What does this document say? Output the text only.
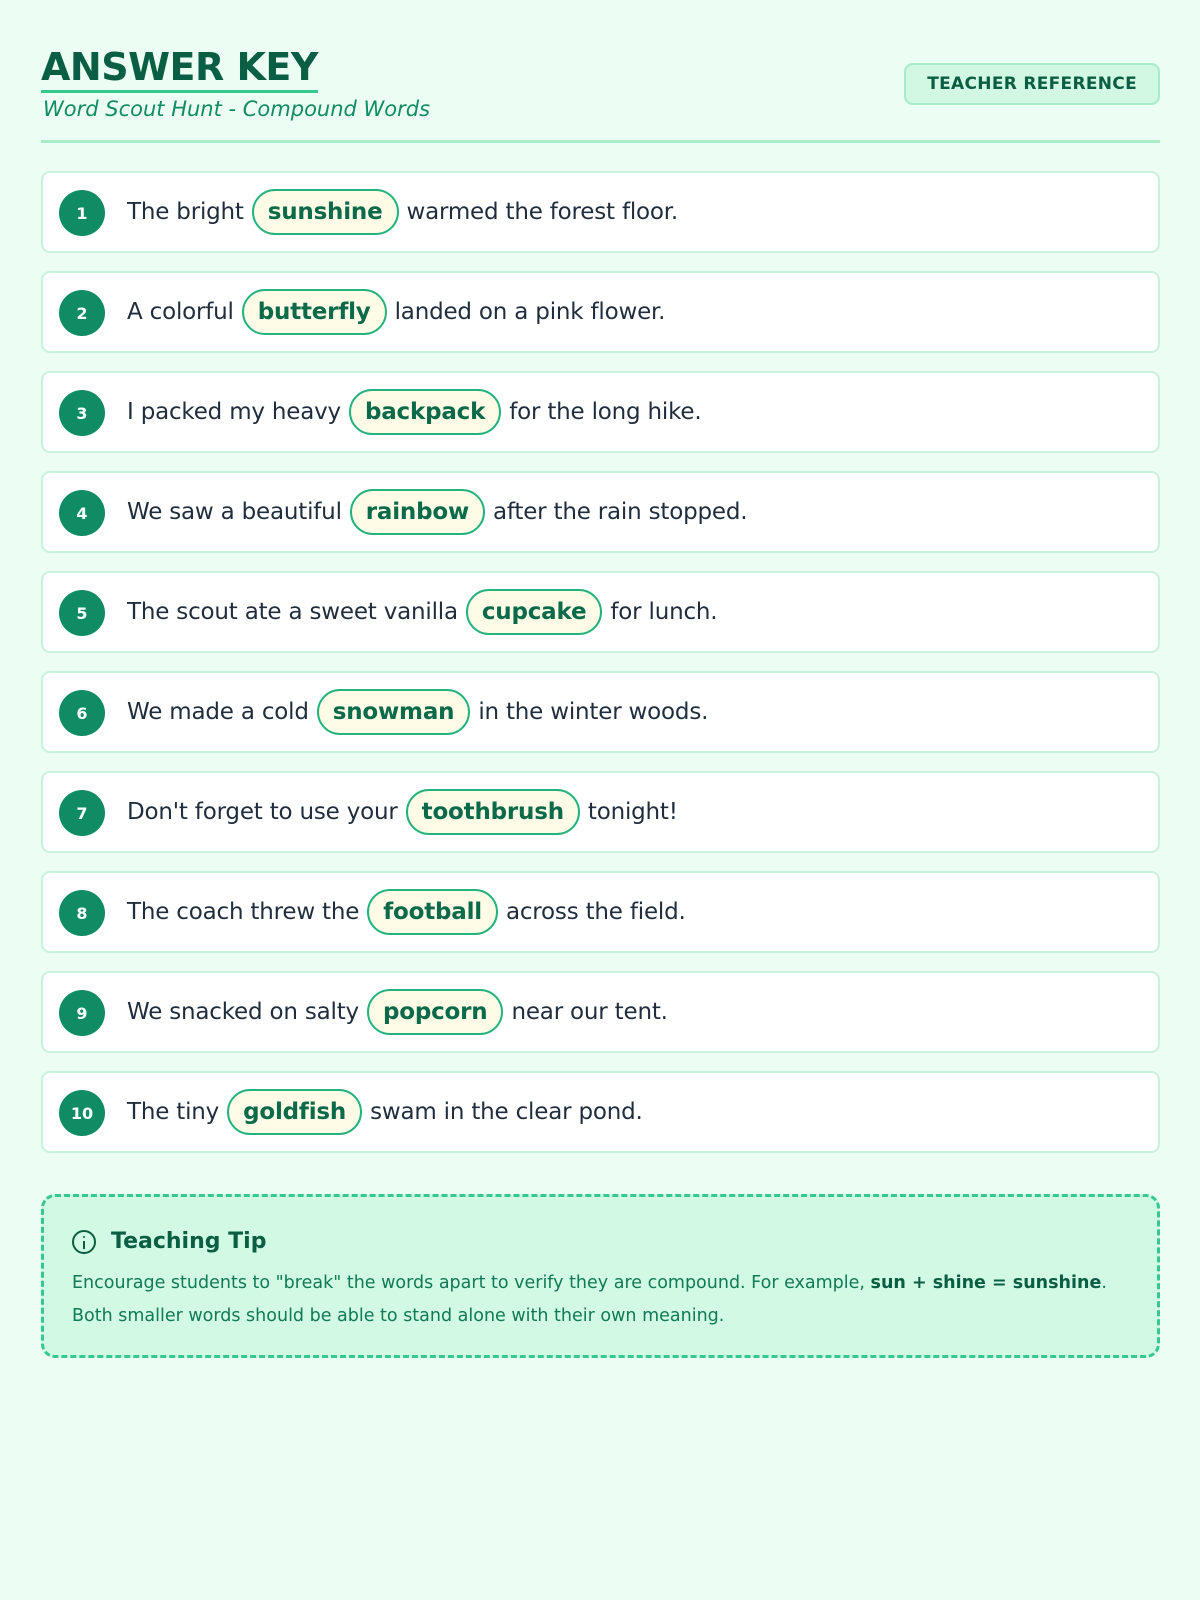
ANSWER KEY
Word Scout Hunt - Compound Words
TEACHER REFERENCE
1	The bright	sunshine	warmed the forest floor.
2	A colorful	butterfly	landed on a pink flower.
3	I packed my heavy	backpack	for the long hike.
4	We saw a beautiful	rainbow	after the rain stopped.
5	The scout ate a sweet vanilla	cupcake	for lunch.
6	We made a cold	snowman	in the winter woods.
7	Don't forget to use your	toothbrush	tonight!
8	The coach threw the	football	across the field.
9	We snacked on salty	popcorn	near our tent.
10	The tiny	goldfish	swam in the clear pond.
Teaching Tip
Encourage students to "break" the words apart to verify they are compound. For example, sun + shine = sunshine. Both smaller words should be able to stand alone with their own meaning.
